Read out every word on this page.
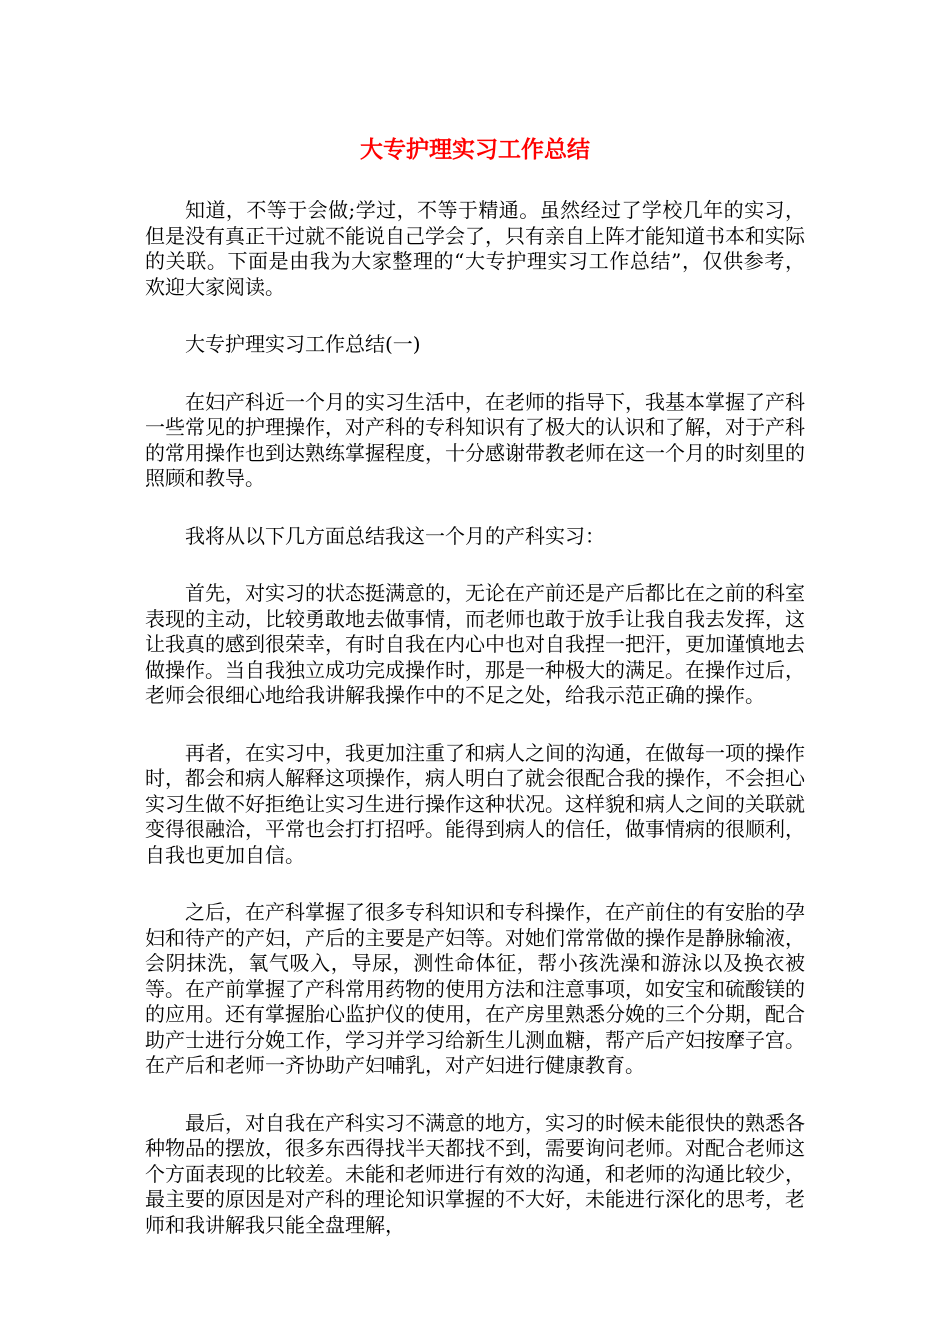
大专护理实习工作总结

知道，不等于会做;学过，不等于精通。虽然经过了学校几年的实习，但是没有真正干过就不能说自己学会了，只有亲自上阵才能知道书本和实际的关联。下面是由我为大家整理的“大专护理实习工作总结”，仅供参考，欢迎大家阅读。

大专护理实习工作总结(一)

在妇产科近一个月的实习生活中，在老师的指导下，我基本掌握了产科一些常见的护理操作，对产科的专科知识有了极大的认识和了解，对于产科的常用操作也到达熟练掌握程度，十分感谢带教老师在这一个月的时刻里的照顾和教导。

我将从以下几方面总结我这一个月的产科实习：

首先，对实习的状态挺满意的，无论在产前还是产后都比在之前的科室表现的主动，比较勇敢地去做事情，而老师也敢于放手让我自我去发挥，这让我真的感到很荣幸，有时自我在内心中也对自我捏一把汗，更加谨慎地去做操作。当自我独立成功完成操作时，那是一种极大的满足。在操作过后，老师会很细心地给我讲解我操作中的不足之处，给我示范正确的操作。

再者，在实习中，我更加注重了和病人之间的沟通，在做每一项的操作时，都会和病人解释这项操作，病人明白了就会很配合我的操作，不会担心实习生做不好拒绝让实习生进行操作这种状况。这样貌和病人之间的关联就变得很融洽，平常也会打打招呼。能得到病人的信任，做事情病的很顺利，自我也更加自信。

之后，在产科掌握了很多专科知识和专科操作，在产前住的有安胎的孕妇和待产的产妇，产后的主要是产妇等。对她们常常做的操作是静脉输液，会阴抹洗，氧气吸入，导尿，测性命体征，帮小孩洗澡和游泳以及换衣被等。在产前掌握了产科常用药物的使用方法和注意事项，如安宝和硫酸镁的的应用。还有掌握胎心监护仪的使用，在产房里熟悉分娩的三个分期，配合助产士进行分娩工作，学习并学习给新生儿测血糖，帮产后产妇按摩子宫。在产后和老师一齐协助产妇哺乳，对产妇进行健康教育。

最后，对自我在产科实习不满意的地方，实习的时候未能很快的熟悉各种物品的摆放，很多东西得找半天都找不到，需要询问老师。对配合老师这个方面表现的比较差。未能和老师进行有效的沟通，和老师的沟通比较少，最主要的原因是对产科的理论知识掌握的不大好，未能进行深化的思考，老师和我讲解我只能全盘理解，
